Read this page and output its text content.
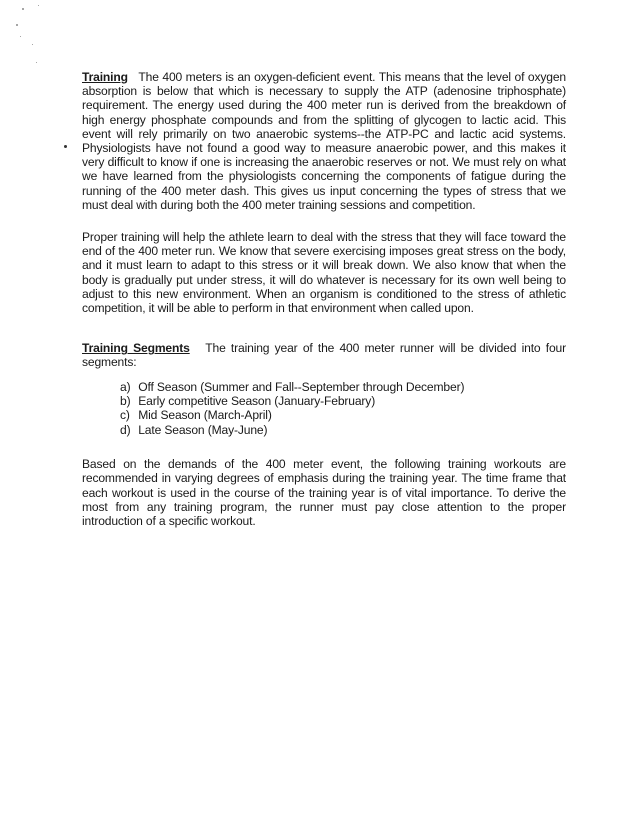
Training The 400 meters is an oxygen-deficient event. This means that the level of oxygen absorption is below that which is necessary to supply the ATP (adenosine triphosphate) requirement. The energy used during the 400 meter run is derived from the breakdown of high energy phosphate compounds and from the splitting of glycogen to lactic acid. This event will rely primarily on two anaerobic systems--the ATP-PC and lactic acid systems. Physiologists have not found a good way to measure anaerobic power, and this makes it very difficult to know if one is increasing the anaerobic reserves or not. We must rely on what we have learned from the physiologists concerning the components of fatigue during the running of the 400 meter dash. This gives us input concerning the types of stress that we must deal with during both the 400 meter training sessions and competition.

Proper training will help the athlete learn to deal with the stress that they will face toward the end of the 400 meter run. We know that severe exercising imposes great stress on the body, and it must learn to adapt to this stress or it will break down. We also know that when the body is gradually put under stress, it will do whatever is necessary for its own well being to adjust to this new environment. When an organism is conditioned to the stress of athletic competition, it will be able to perform in that environment when called upon.

Training Segments The training year of the 400 meter runner will be divided into four segments:

a) Off Season (Summer and Fall--September through December)
b) Early competitive Season (January-February)
c) Mid Season (March-April)
d) Late Season (May-June)

Based on the demands of the 400 meter event, the following training workouts are recommended in varying degrees of emphasis during the training year. The time frame that each workout is used in the course of the training year is of vital importance. To derive the most from any training program, the runner must pay close attention to the proper introduction of a specific workout.
